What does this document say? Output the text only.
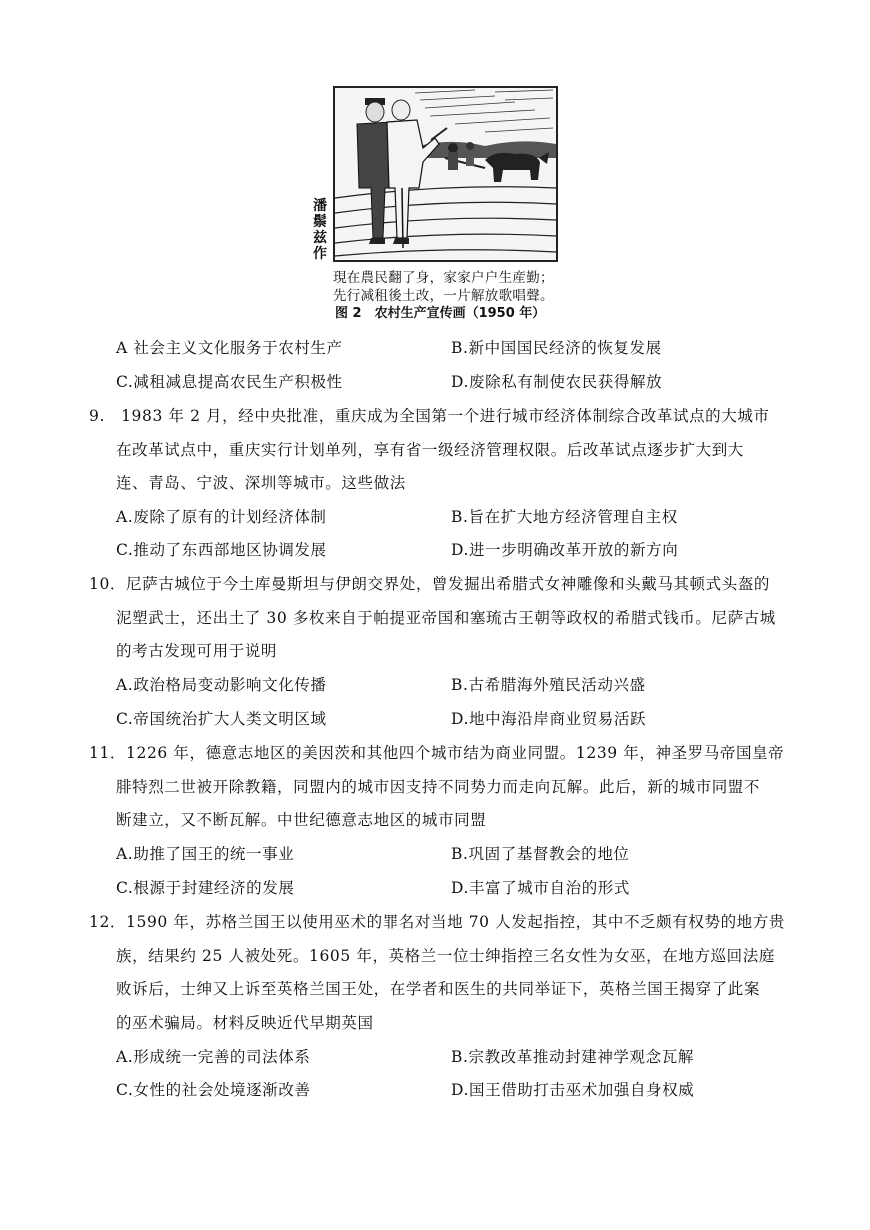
潘
鬃
兹
作
現在農民翻了身，家家户户生産勤；
先行减租後土改，一片解放歌唱聲。
图 2　农村生产宣传画（1950 年）
A 社会主义文化服务于农村生产	B.新中国国民经济的恢复发展
C.减租减息提高农民生产积极性	D.废除私有制使农民获得解放
9.　1983 年 2 月，经中央批准，重庆成为全国第一个进行城市经济体制综合改革试点的大城市
在改革试点中，重庆实行计划单列，享有省一级经济管理权限。后改革试点逐步扩大到大
连、青岛、宁波、深圳等城市。这些做法
A.废除了原有的计划经济体制	B.旨在扩大地方经济管理自主权
C.推动了东西部地区协调发展	D.进一步明确改革开放的新方向
10．尼萨古城位于今土库曼斯坦与伊朗交界处，曾发掘出希腊式女神雕像和头戴马其顿式头盔的
泥塑武士，还出土了 30 多枚来自于帕提亚帝国和塞琉古王朝等政权的希腊式钱币。尼萨古城
的考古发现可用于说明
A.政治格局变动影响文化传播	B.古希腊海外殖民活动兴盛
C.帝国统治扩大人类文明区域	D.地中海沿岸商业贸易活跃
11．1226 年，德意志地区的美因茨和其他四个城市结为商业同盟。1239 年，神圣罗马帝国皇帝
腓特烈二世被开除教籍，同盟内的城市因支持不同势力而走向瓦解。此后，新的城市同盟不
断建立，又不断瓦解。中世纪德意志地区的城市同盟
A.助推了国王的统一事业	B.巩固了基督教会的地位
C.根源于封建经济的发展	D.丰富了城市自治的形式
12．1590 年，苏格兰国王以使用巫术的罪名对当地 70 人发起指控，其中不乏颇有权势的地方贵
族，结果约 25 人被处死。1605 年，英格兰一位士绅指控三名女性为女巫，在地方巡回法庭
败诉后，士绅又上诉至英格兰国王处，在学者和医生的共同举证下，英格兰国王揭穿了此案
的巫术骗局。材料反映近代早期英国
A.形成统一完善的司法体系	B.宗教改革推动封建神学观念瓦解
C.女性的社会处境逐渐改善	D.国王借助打击巫术加强自身权威
